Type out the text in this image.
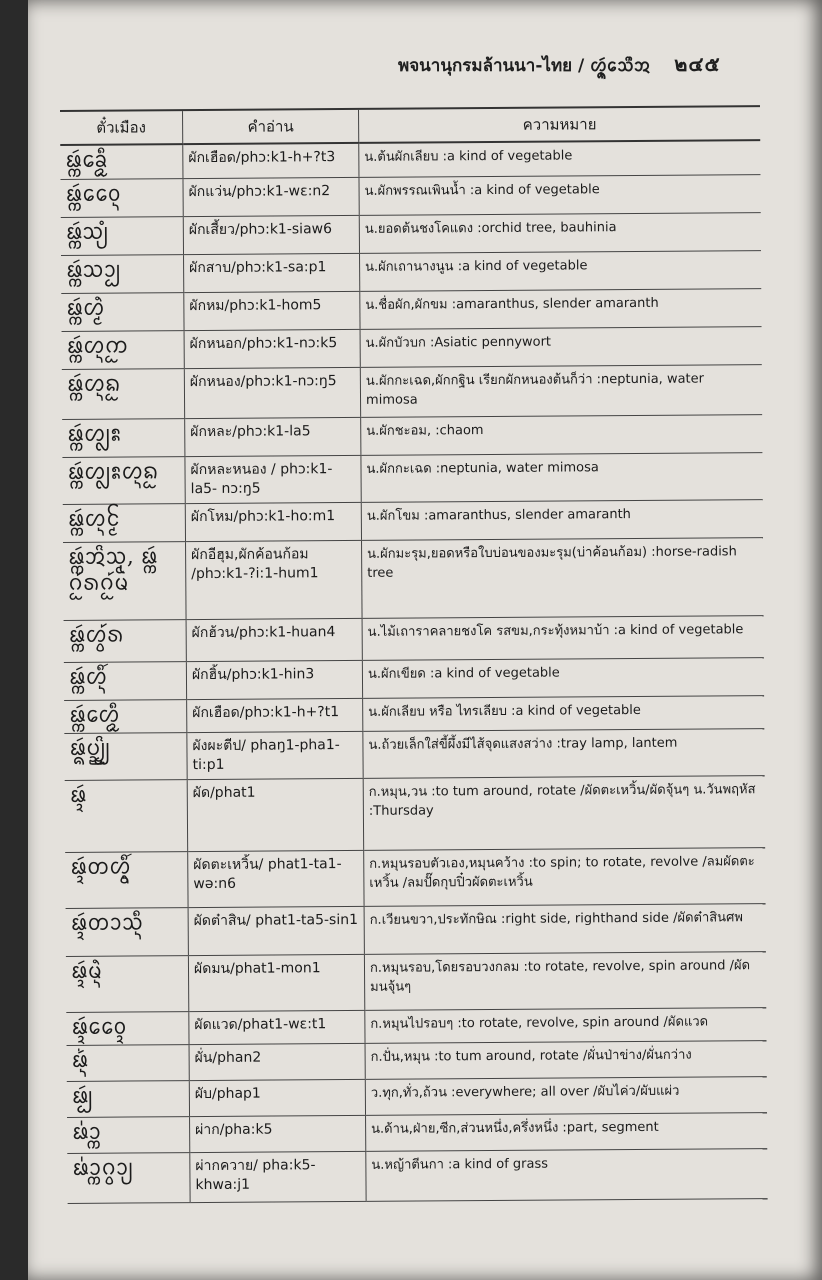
พจนานุกรมล้านนา-ไทย / ᩉ᩠ᨶᩢ᩠ᨦᩈᩮᩨᩋ ๒๔๕
ตั๋วเมือง	คำอ่าน	ความหมาย
ᨹᩢ᩠ᨠᨡᩮᩬᩥ᩠ᨯ	ผักเฮือด/phɔ:k1-h+?t3	น.ต้นผักเลียบ :a kind of vegetable
ᨹᩢ᩠ᨠᩅᩯ᩠ᨶ	ผักแว่น/phɔ:k1-wɛ:n2	น.ผักพรรณเพินน้ำ :a kind of vegetable
ᨹᩢ᩠ᨠᩈ᩠ᨿᩴ	ผักเสี้ยว/phɔ:k1-siaw6	น.ยอดต้นชงโคแดง :orchid tree, bauhinia
ᨹᩢ᩠ᨠᩈᩣ᩠ᨷ	ผักสาบ/phɔ:k1-sa:p1	น.ผักเถานางนูน :a kind of vegetable
ᨹᩢ᩠ᨠᩉᩫ᩠ᨾ	ผักหม/phɔ:k1-hom5	น.ชื่อผัก,ผักขม :amaranthus, slender amaranth
ᨹᩢ᩠ᨠᩉ᩠ᨶᩬᨠ	ผักหนอก/phɔ:k1-nɔ:k5	น.ผักบัวบก :Asiatic pennywort
ᨹᩢ᩠ᨠᩉ᩠ᨶᩬᨦ	ผักหนอง/phɔ:k1-nɔ:ŋ5	น.ผักกะเฉด,ผักกฐิน เรียกผักหนองต้นก็ว่า :neptunia, water mimosa
ᨹᩢ᩠ᨠᩉ᩠ᩃᩡ	ผักหละ/phɔ:k1-la5	น.ผักชะอม, :chaom
ᨹᩢ᩠ᨠᩉ᩠ᩃᩡᩉ᩠ᨶᩬᨦ	ผักหละหนอง / phɔ:k1-la5- nɔ:ŋ5	น.ผักกะเฉด :neptunia, water mimosa
ᨹᩢ᩠ᨠᩉ᩠ᨶᩰ᩠ᨾ	ผักโหม/phɔ:k1-ho:m1	น.ผักโขม :amaranthus, slender amaranth
ᨹᩢ᩠ᨠᩋᩦᩈᩩ᩠ᨾ, ᨹᩢ᩠ᨠ ᨣᩬ᩶ᩁᨣᩬ᩶ᨾ	ผักอีฮุม,ผักค้อนก้อม /phɔ:k1-?i:1-hum1	น.ผักมะรุม,ยอดหรือใบบ่อนของมะรุม(บ่าค้อนก้อม) :horse-radish tree
ᨹᩢ᩠ᨠᩉ᩠ᩅ᩶ᩁ	ผักฮ้วน/phɔ:k1-huan4	น.ไม้เถาราคลายชงโค รสขม,กระทุ้งหมาบ้า :a kind of vegetable
ᨹᩢ᩠ᨠᩉᩥ᩠᩶ᨶ	ผักฮิ้น/phɔ:k1-hin3	น.ผักเขียด :a kind of vegetable
ᨹᩢ᩠ᨠᩉᩮᩬᩥ᩠ᨯ	ผักเฮือด/phɔ:k1-h+?t1	น.ผักเลียบ หรือ ไทรเลียบ :a kind of vegetable
ᨹᩢ᩠ᨦᨷ᩠ᨬᩦ᩠ᨷ	ผังผะตีป/ phaŋ1-pha1-ti:p1	น.ถ้วยเล็กใส่ขี้ผึ้งมีไส้จุดแสงสว่าง :tray lamp, lantem
ᨹᩢ᩠ᨯ	ผัด/phat1	ก.หมุน,วน :to tum around, rotate /ผัดตะเหวิ้น/ผัดจุ้นๆ น.วันพฤหัส :Thursday
ᨹᩢ᩠ᨯᨲᩉ᩠ᩅᩥ᩠᩶ᨶ	ผัดตะเหวิ้น/ phat1-ta1-wə:n6	ก.หมุนรอบตัวเอง,หมุนคว้าง :to spin; to rotate, revolve /ลมผัดตะเหวิ้น /ลมปั๊ดกุบปิ๋วผัดตะเหวิ้น
ᨹᩢ᩠ᨯᨲᩣᩈᩥ᩠ᨶ	ผัดต๋าสิน/ phat1-ta5-sin1	ก.เวียนขวา,ประทักษิณ :right side, righthand side /ผัดต๋าสินศพ
ᨹᩢ᩠ᨯᨾᩫ᩠ᨶ	ผัดมน/phat1-mon1	ก.หมุนรอบ,โดยรอบวงกลม :to rotate, revolve, spin around /ผัดมนจุ้นๆ
ᨹᩢ᩠ᨯᩅᩯ᩠ᨯ	ผัดแวด/phat1-wɛ:t1	ก.หมุนไปรอบๆ :to rotate, revolve, spin around /ผัดแวด
ᨹᩢ᩠᩵ᨶ	ผั่น/phan2	ก.ปั่น,หมุน :to tum around, rotate /ผั่นป่าข่าง/ผั่นกว่าง
ᨹᩢ᩠ᨷ	ผับ/phap1	ว.ทุก,ทั่ว,ถ้วน :everywhere; all over /ผับไค่ว/ผับแผ่ว
ᨹ᩵ᩣ᩠ᨠ	ผ่าก/pha:k5	น.ด้าน,ฝ่าย,ซีก,ส่วนหนึ่ง,ครึ่งหนึ่ง :part, segment
ᨹ᩵ᩣ᩠ᨠᨣ᩠ᩅᩣ᩠ᨿ	ผ่ากควาย/ pha:k5-khwa:j1	น.หญ้าตีนกา :a kind of grass
